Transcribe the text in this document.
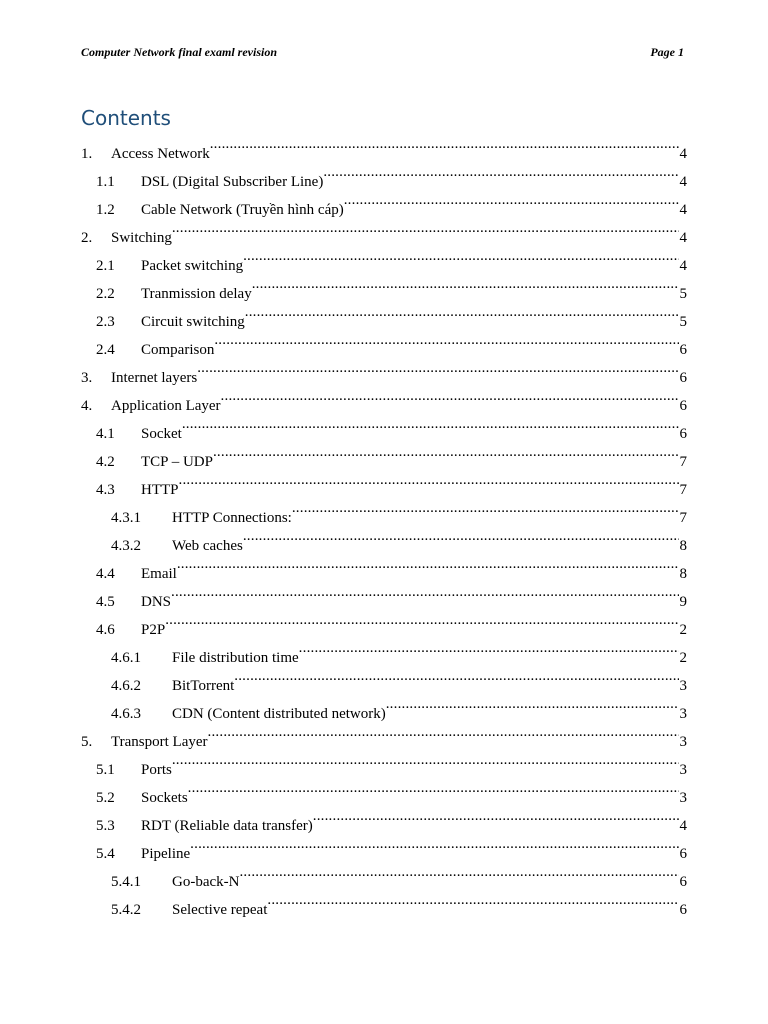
Computer Network final examl revision	Page 1
Contents
1.	Access Network .....	4
1.1	DSL (Digital Subscriber Line) .....	4
1.2	Cable Network (Truyền hình cáp) .....	4
2.	Switching .....	4
2.1	Packet switching .....	4
2.2	Tranmission delay .....	5
2.3	Circuit switching .....	5
2.4	Comparison .....	6
3.	Internet layers .....	6
4.	Application Layer .....	6
4.1	Socket .....	6
4.2	TCP – UDP .....	7
4.3	HTTP .....	7
4.3.1	HTTP Connections: .....	7
4.3.2	Web caches .....	8
4.4	Email .....	8
4.5	DNS .....	9
4.6	P2P .....	2
4.6.1	File distribution time .....	2
4.6.2	BitTorrent .....	3
4.6.3	CDN (Content distributed network) .....	3
5.	Transport Layer .....	3
5.1	Ports .....	3
5.2	Sockets .....	3
5.3	RDT (Reliable data transfer) .....	4
5.4	Pipeline .....	6
5.4.1	Go-back-N .....	6
5.4.2	Selective repeat .....	6
